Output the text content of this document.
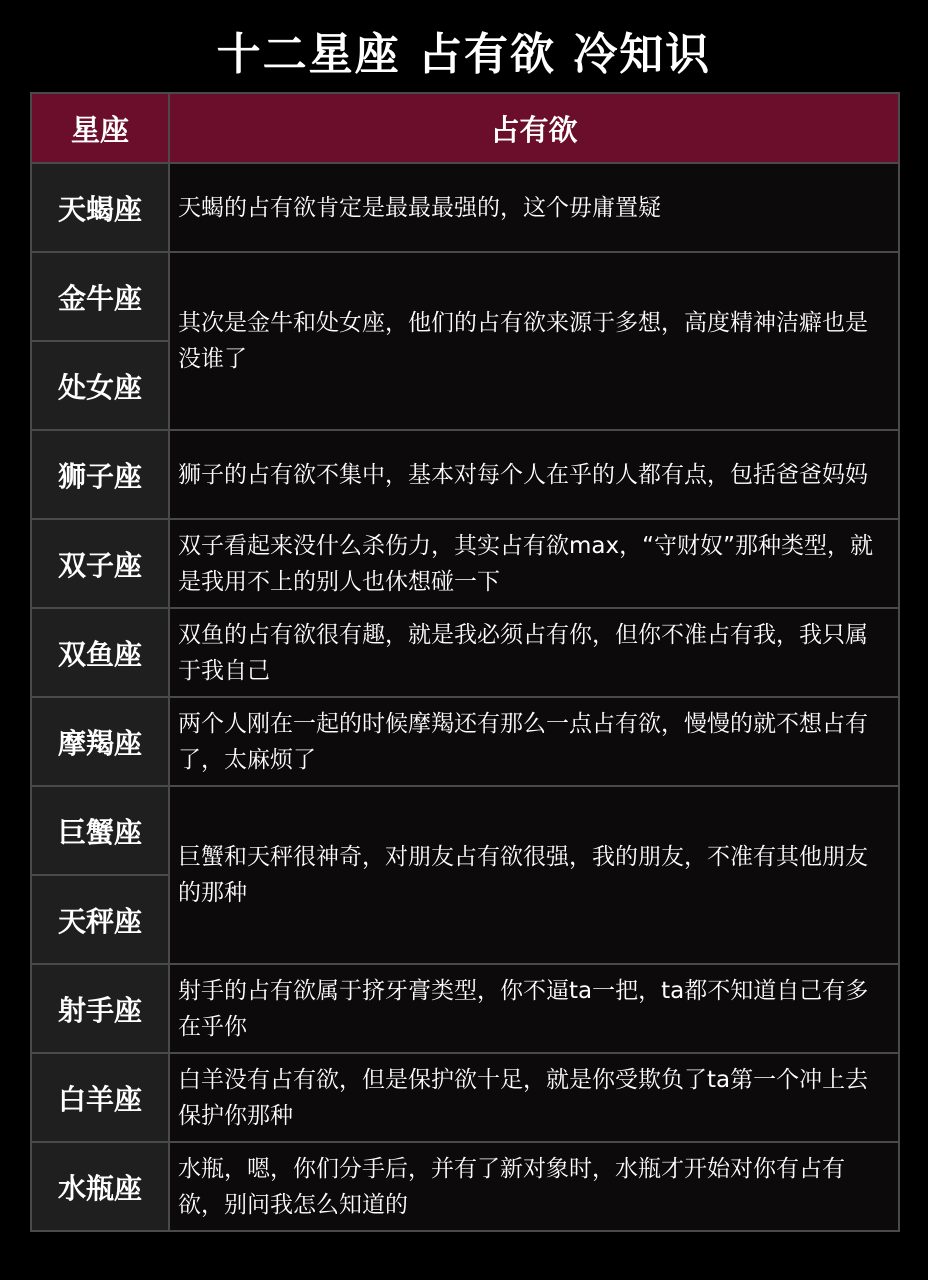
十二星座 占有欲 冷知识
星座	占有欲
天蝎座	天蝎的占有欲肯定是最最最强的，这个毋庸置疑
金牛座	其次是金牛和处女座，他们的占有欲来源于多想，高度精神洁癖也是没谁了
处女座	
狮子座	狮子的占有欲不集中，基本对每个人在乎的人都有点，包括爸爸妈妈
双子座	双子看起来没什么杀伤力，其实占有欲max，“守财奴”那种类型，就是我用不上的别人也休想碰一下
双鱼座	双鱼的占有欲很有趣，就是我必须占有你，但你不准占有我，我只属于我自己
摩羯座	两个人刚在一起的时候摩羯还有那么一点占有欲，慢慢的就不想占有了，太麻烦了
巨蟹座	巨蟹和天秤很神奇，对朋友占有欲很强，我的朋友，不准有其他朋友的那种
天秤座	
射手座	射手的占有欲属于挤牙膏类型，你不逼ta一把，ta都不知道自己有多在乎你
白羊座	白羊没有占有欲，但是保护欲十足，就是你受欺负了ta第一个冲上去保护你那种
水瓶座	水瓶，嗯，你们分手后，并有了新对象时，水瓶才开始对你有占有欲，别问我怎么知道的
